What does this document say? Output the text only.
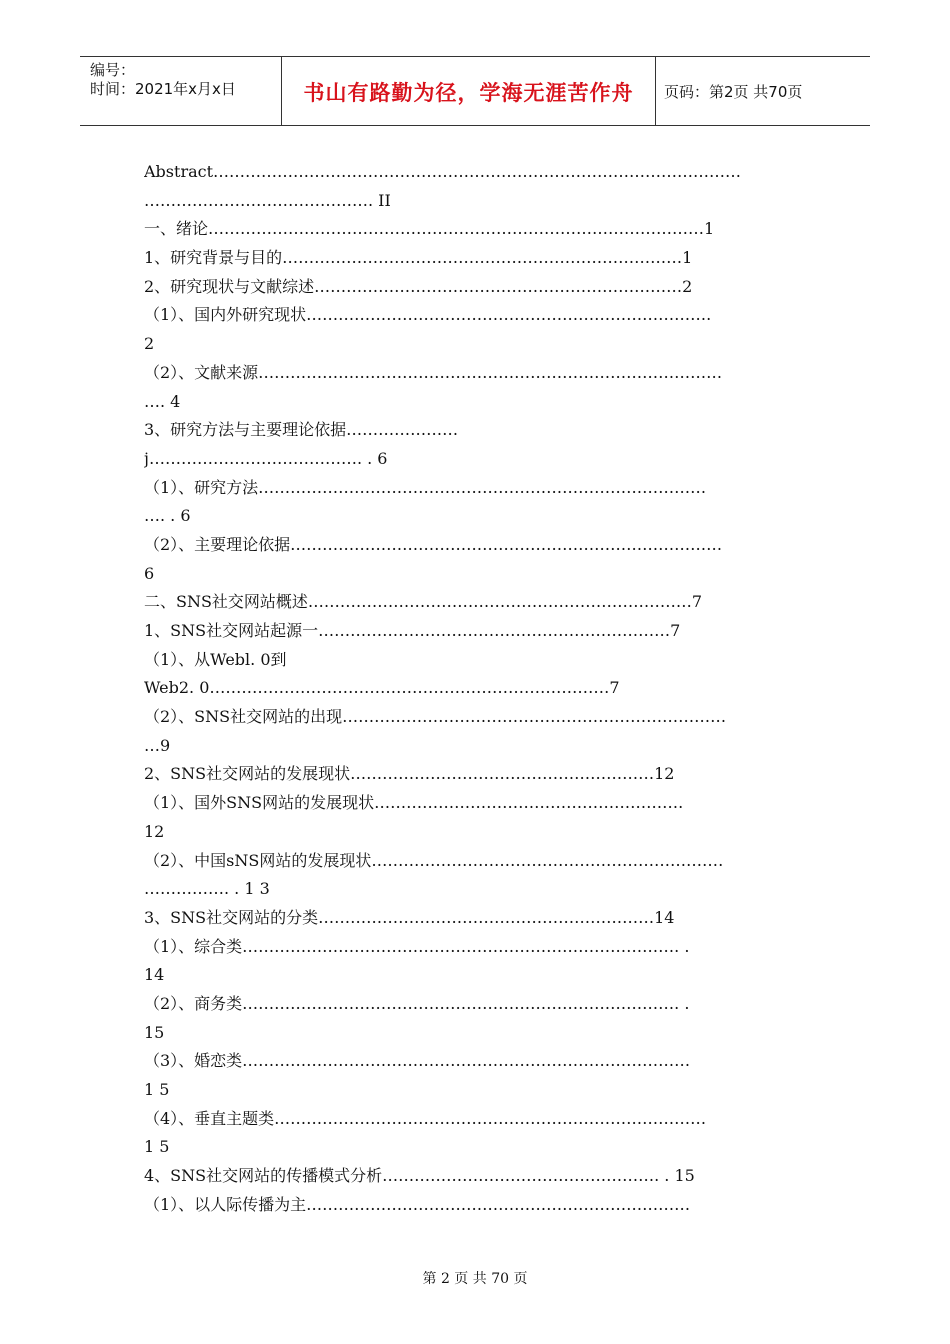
编号：
时间：2021年x月x日	书山有路勤为径，学海无涯苦作舟	页码：第2页 共70页
Abstract………………………………………………………………………………………
……………………………………. II
一、绪论…………………………………………………………………………………1
1、研究背景与目的…………………………………………………………………1
2、研究现状与文献综述……………………………………………………………2
（1）、国内外研究现状………………………………………………………………….
2
（2）、文献来源……………………………………………………………………………
…. 4
3、研究方法与主要理论依据…………………
j…………………………………. . 6
（1）、研究方法…………………………………………………………………………
…. . 6
（2）、主要理论依据………………………………………………………………………
6
二、SNS社交网站概述………………………………………………………………7
1、SNS社交网站起源一…………………………………………………………7
（1）、从Webl. 0到
Web2. 0…………………………………………………………………7
（2）、SNS社交网站的出现………………………………………………………………
…9
2、SNS社交网站的发展现状…………………………………………………12
（1）、国外SNS网站的发展现状………………………………………………….
12
（2）、中国sNS网站的发展现状…………………………………………………………
……………. . 1 3
3、SNS社交网站的分类………………………………………………………14
（1）、综合类………………………………………………………………………. .
14
（2）、商务类………………………………………………………………………. .
15
（3）、婚恋类…………………………………………………………………………
1 5
（4）、垂直主题类………………………………………………………………………
1 5
4、SNS社交网站的传播模式分析……………………………………………. . 15
（1）、以人际传播为主………………………………………………………………
第 2 页 共 70 页
